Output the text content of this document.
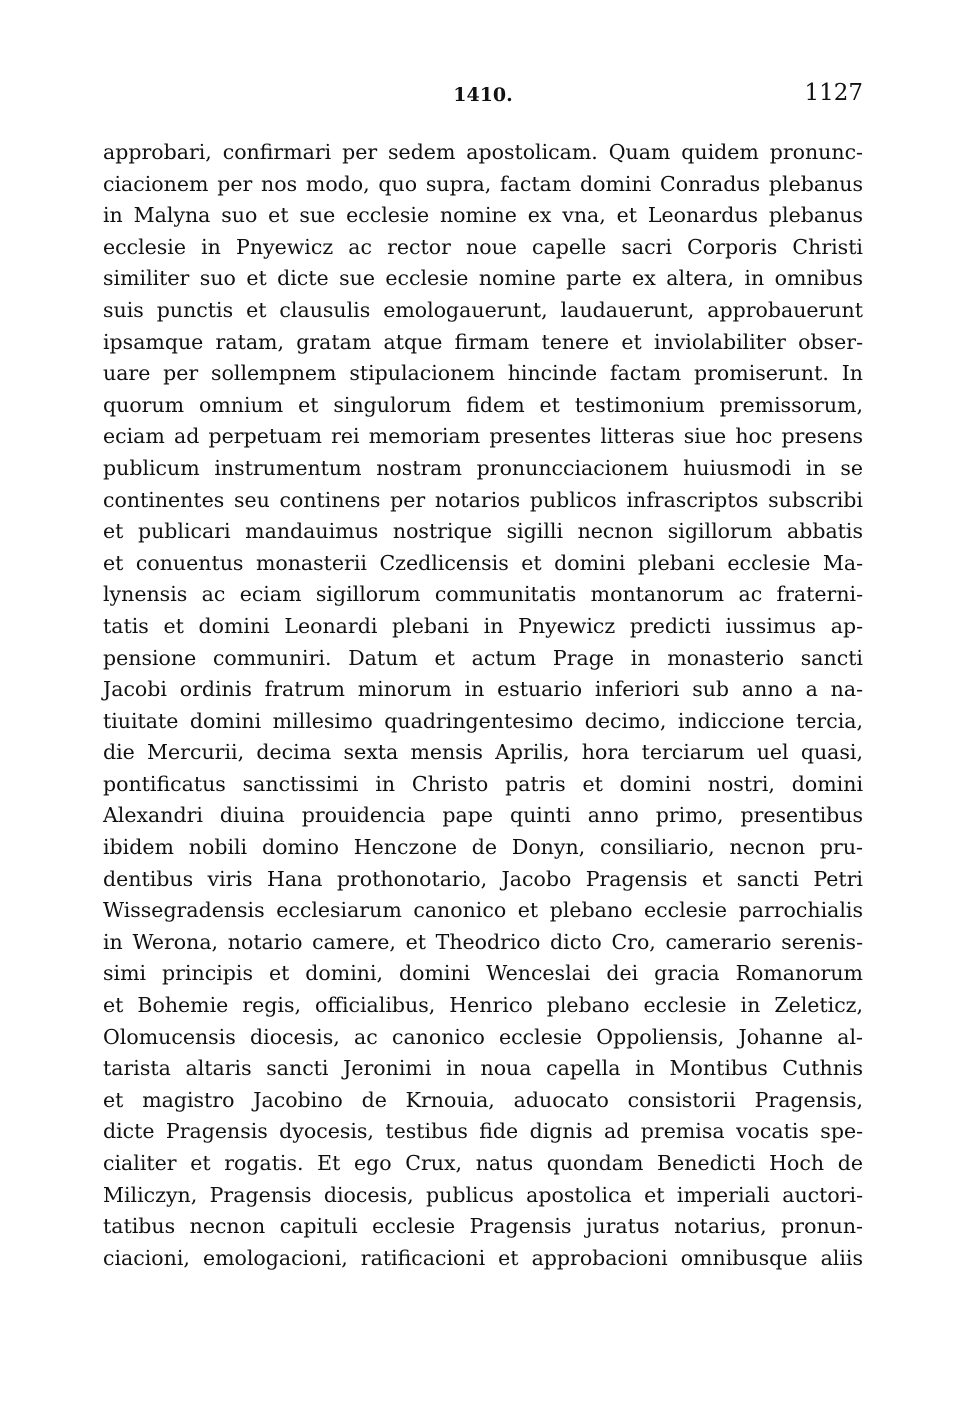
1410.	1127
approbari, confirmari per sedem apostolicam. Quam quidem pronunc-
ciacionem per nos modo, quo supra, factam domini Conradus plebanus
in Malyna suo et sue ecclesie nomine ex vna, et Leonardus plebanus
ecclesie in Pnyewicz ac rector noue capelle sacri Corporis Christi
similiter suo et dicte sue ecclesie nomine parte ex altera, in omnibus
suis punctis et clausulis emologauerunt, laudauerunt, approbauerunt
ipsamque ratam, gratam atque firmam tenere et inviolabiliter obser-
uare per sollempnem stipulacionem hincinde factam promiserunt. In
quorum omnium et singulorum fidem et testimonium premissorum,
eciam ad perpetuam rei memoriam presentes litteras siue hoc presens
publicum instrumentum nostram pronuncciacionem huiusmodi in se
continentes seu continens per notarios publicos infrascriptos subscribi
et publicari mandauimus nostrique sigilli necnon sigillorum abbatis
et conuentus monasterii Czedlicensis et domini plebani ecclesie Ma-
lynensis ac eciam sigillorum communitatis montanorum ac fraterni-
tatis et domini Leonardi plebani in Pnyewicz predicti iussimus ap-
pensione communiri. Datum et actum Prage in monasterio sancti
Jacobi ordinis fratrum minorum in estuario inferiori sub anno a na-
tiuitate domini millesimo quadringentesimo decimo, indiccione tercia,
die Mercurii, decima sexta mensis Aprilis, hora terciarum uel quasi,
pontificatus sanctissimi in Christo patris et domini nostri, domini
Alexandri diuina prouidencia pape quinti anno primo, presentibus
ibidem nobili domino Henczone de Donyn, consiliario, necnon pru-
dentibus viris Hana prothonotario, Jacobo Pragensis et sancti Petri
Wissegradensis ecclesiarum canonico et plebano ecclesie parrochialis
in Werona, notario camere, et Theodrico dicto Cro, camerario serenis-
simi principis et domini, domini Wenceslai dei gracia Romanorum
et Bohemie regis, officialibus, Henrico plebano ecclesie in Zeleticz,
Olomucensis diocesis, ac canonico ecclesie Oppoliensis, Johanne al-
tarista altaris sancti Jeronimi in noua capella in Montibus Cuthnis
et magistro Jacobino de Krnouia, aduocato consistorii Pragensis,
dicte Pragensis dyocesis, testibus fide dignis ad premisa vocatis spe-
cialiter et rogatis. Et ego Crux, natus quondam Benedicti Hoch de
Miliczyn, Pragensis diocesis, publicus apostolica et imperiali auctori-
tatibus necnon capituli ecclesie Pragensis juratus notarius, pronun-
ciacioni, emologacioni, ratificacioni et approbacioni omnibusque aliis
